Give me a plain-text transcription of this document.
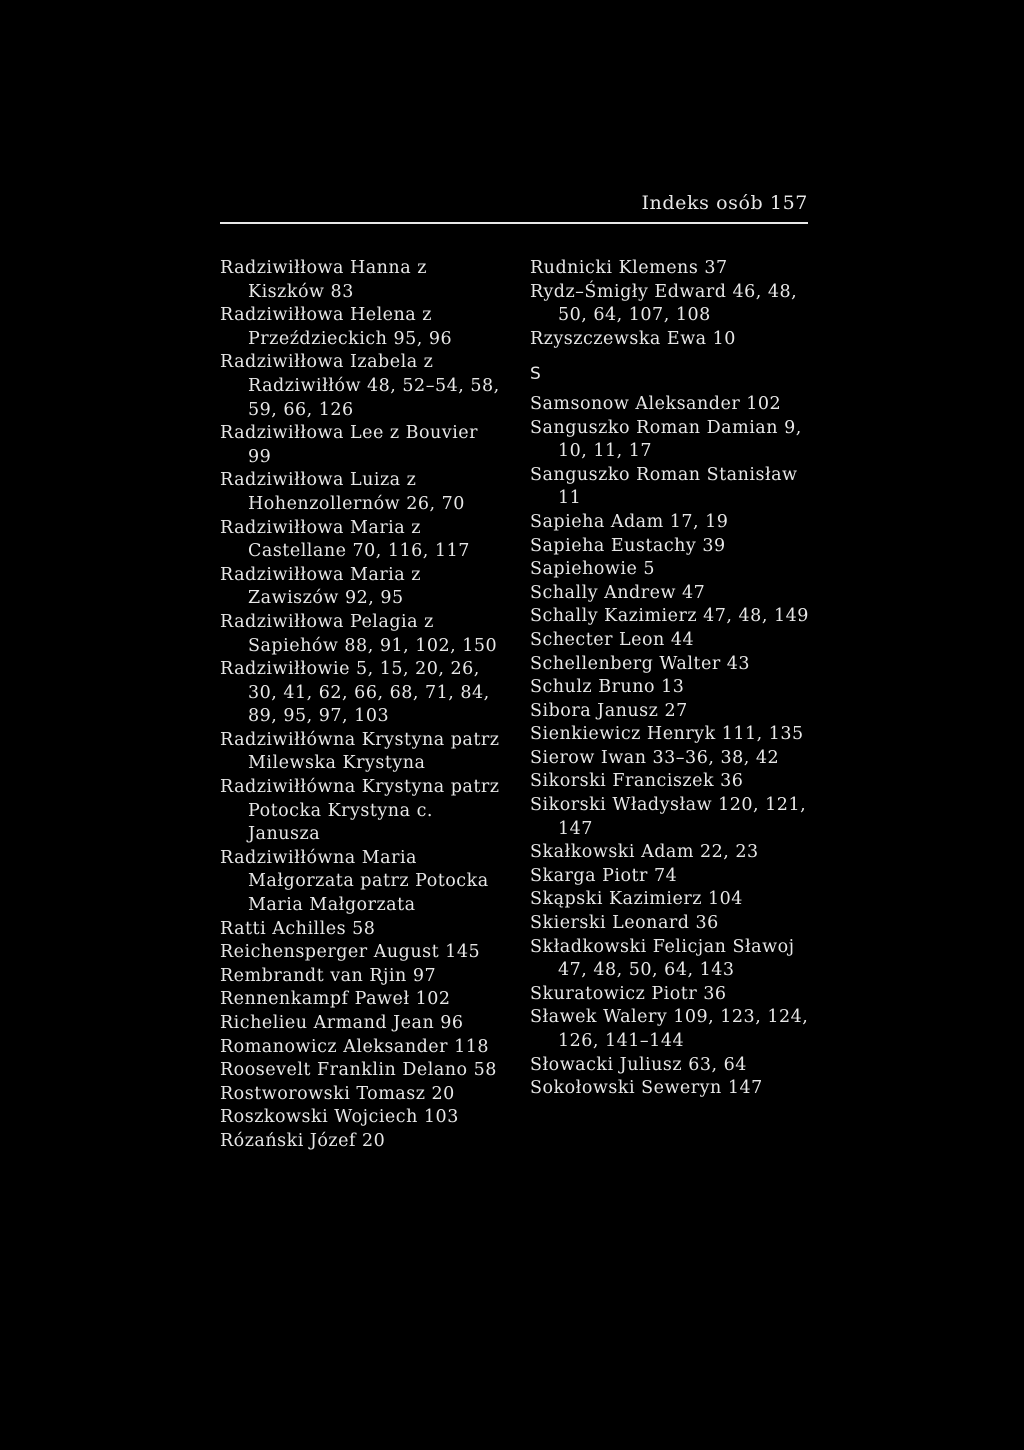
Indeks osób 157

Radziwiłłowa Hanna z Kiszków 83

Radziwiłłowa Helena z Przeździeckich 95, 96

Radziwiłłowa Izabela z Radziwiłłów 48, 52–54, 58, 59, 66, 126

Radziwiłłowa Lee z Bouvier 99

Radziwiłłowa Luiza z Hohenzollernów 26, 70

Radziwiłłowa Maria z Castellane 70, 116, 117

Radziwiłłowa Maria z Zawiszów 92, 95

Radziwiłłowa Pelagia z Sapiehów 88, 91, 102, 150

Radziwiłłowie 5, 15, 20, 26, 30, 41, 62, 66, 68, 71, 84, 89, 95, 97, 103

Radziwiłłówna Krystyna patrz Milewska Krystyna

Radziwiłłówna Krystyna patrz Potocka Krystyna c. Janusza

Radziwiłłówna Maria Małgorzata patrz Potocka Maria Małgorzata

Ratti Achilles 58

Reichensperger August 145

Rembrandt van Rjin 97

Rennenkampf Paweł 102

Richelieu Armand Jean 96

Romanowicz Aleksander 118

Roosevelt Franklin Delano 58

Rostworowski Tomasz 20

Roszkowski Wojciech 103

Rózański Józef 20

Rudnicki Klemens 37

Rydz–Śmigły Edward 46, 48, 50, 64, 107, 108

Rzyszczewska Ewa 10

S

Samsonow Aleksander 102

Sanguszko Roman Damian 9, 10, 11, 17

Sanguszko Roman Stanisław 11

Sapieha Adam 17, 19

Sapieha Eustachy 39

Sapiehowie 5

Schally Andrew 47

Schally Kazimierz 47, 48, 149

Schecter Leon 44

Schellenberg Walter 43

Schulz Bruno 13

Sibora Janusz 27

Sienkiewicz Henryk 111, 135

Sierow Iwan 33–36, 38, 42

Sikorski Franciszek 36

Sikorski Władysław 120, 121, 147

Skałkowski Adam 22, 23

Skarga Piotr 74

Skąpski Kazimierz 104

Skierski Leonard 36

Składkowski Felicjan Sławoj 47, 48, 50, 64, 143

Skuratowicz Piotr 36

Sławek Walery 109, 123, 124, 126, 141–144

Słowacki Juliusz 63, 64

Sokołowski Seweryn 147
